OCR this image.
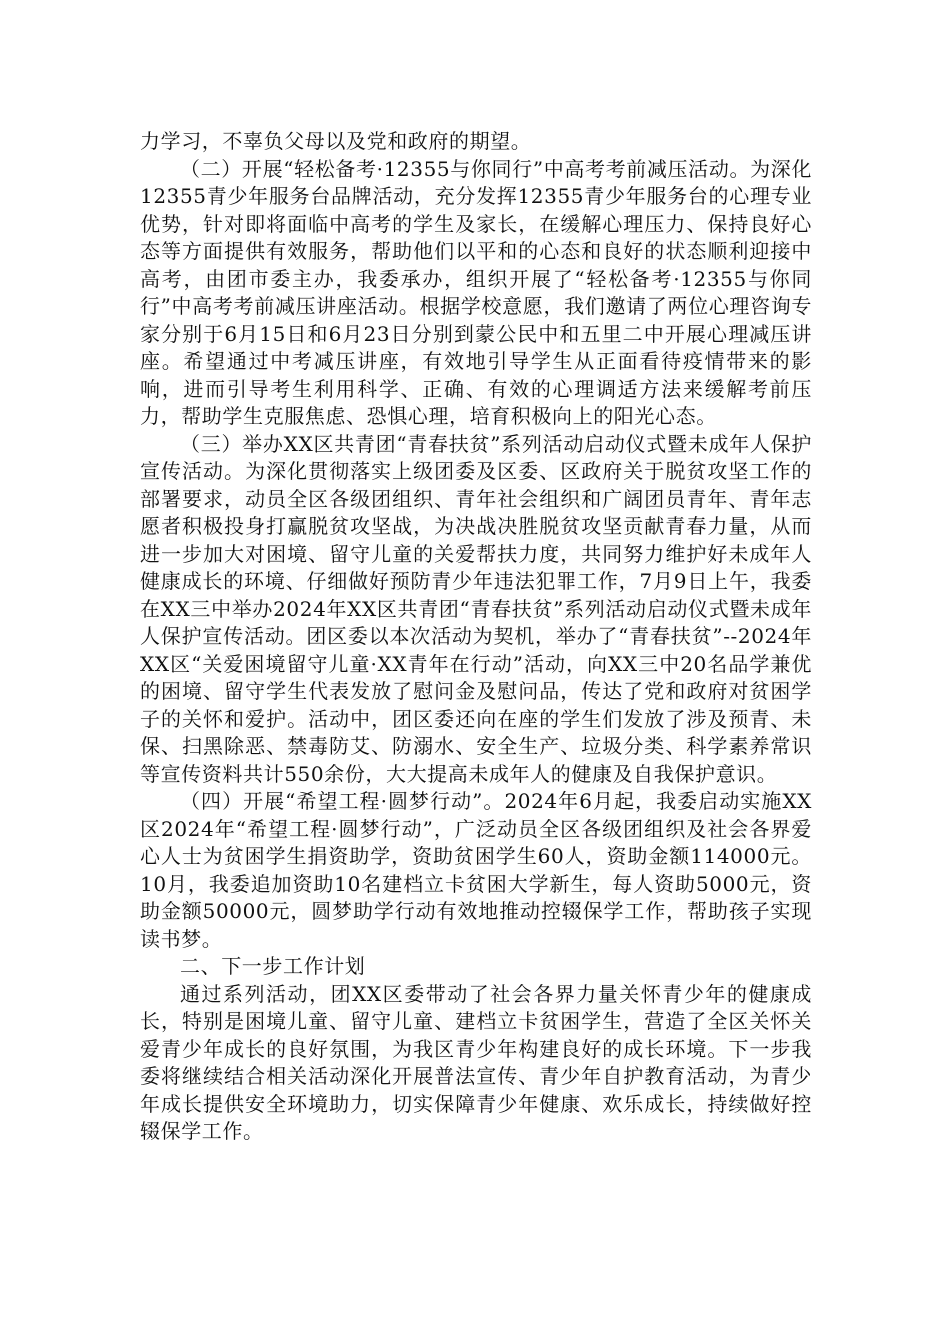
力学习，不辜负父母以及党和政府的期望。

（二）开展“轻松备考·12355与你同行”中高考考前减压活动。为深化12355青少年服务台品牌活动，充分发挥12355青少年服务台的心理专业优势，针对即将面临中高考的学生及家长，在缓解心理压力、保持良好心态等方面提供有效服务，帮助他们以平和的心态和良好的状态顺利迎接中高考，由团市委主办，我委承办，组织开展了“轻松备考·12355与你同行”中高考考前减压讲座活动。根据学校意愿，我们邀请了两位心理咨询专家分别于6月15日和6月23日分别到蒙公民中和五里二中开展心理减压讲座。希望通过中考减压讲座，有效地引导学生从正面看待疫情带来的影响，进而引导考生利用科学、正确、有效的心理调适方法来缓解考前压力，帮助学生克服焦虑、恐惧心理，培育积极向上的阳光心态。

（三）举办XX区共青团“青春扶贫”系列活动启动仪式暨未成年人保护宣传活动。为深化贯彻落实上级团委及区委、区政府关于脱贫攻坚工作的部署要求，动员全区各级团组织、青年社会组织和广阔团员青年、青年志愿者积极投身打赢脱贫攻坚战，为决战决胜脱贫攻坚贡献青春力量，从而进一步加大对困境、留守儿童的关爱帮扶力度，共同努力维护好未成年人健康成长的环境、仔细做好预防青少年违法犯罪工作，7月9日上午，我委在XX三中举办2024年XX区共青团“青春扶贫”系列活动启动仪式暨未成年人保护宣传活动。团区委以本次活动为契机，举办了“青春扶贫”--2024年XX区“关爱困境留守儿童·XX青年在行动”活动，向XX三中20名品学兼优的困境、留守学生代表发放了慰问金及慰问品，传达了党和政府对贫困学子的关怀和爱护。活动中，团区委还向在座的学生们发放了涉及预青、未保、扫黑除恶、禁毒防艾、防溺水、安全生产、垃圾分类、科学素养常识等宣传资料共计550余份，大大提高未成年人的健康及自我保护意识。

（四）开展“希望工程·圆梦行动”。2024年6月起，我委启动实施XX区2024年“希望工程·圆梦行动”，广泛动员全区各级团组织及社会各界爱心人士为贫困学生捐资助学，资助贫困学生60人，资助金额114000元。10月，我委追加资助10名建档立卡贫困大学新生，每人资助5000元，资助金额50000元，圆梦助学行动有效地推动控辍保学工作，帮助孩子实现读书梦。

二、下一步工作计划

通过系列活动，团XX区委带动了社会各界力量关怀青少年的健康成长，特别是困境儿童、留守儿童、建档立卡贫困学生，营造了全区关怀关爱青少年成长的良好氛围，为我区青少年构建良好的成长环境。下一步我委将继续结合相关活动深化开展普法宣传、青少年自护教育活动，为青少年成长提供安全环境助力，切实保障青少年健康、欢乐成长，持续做好控辍保学工作。
